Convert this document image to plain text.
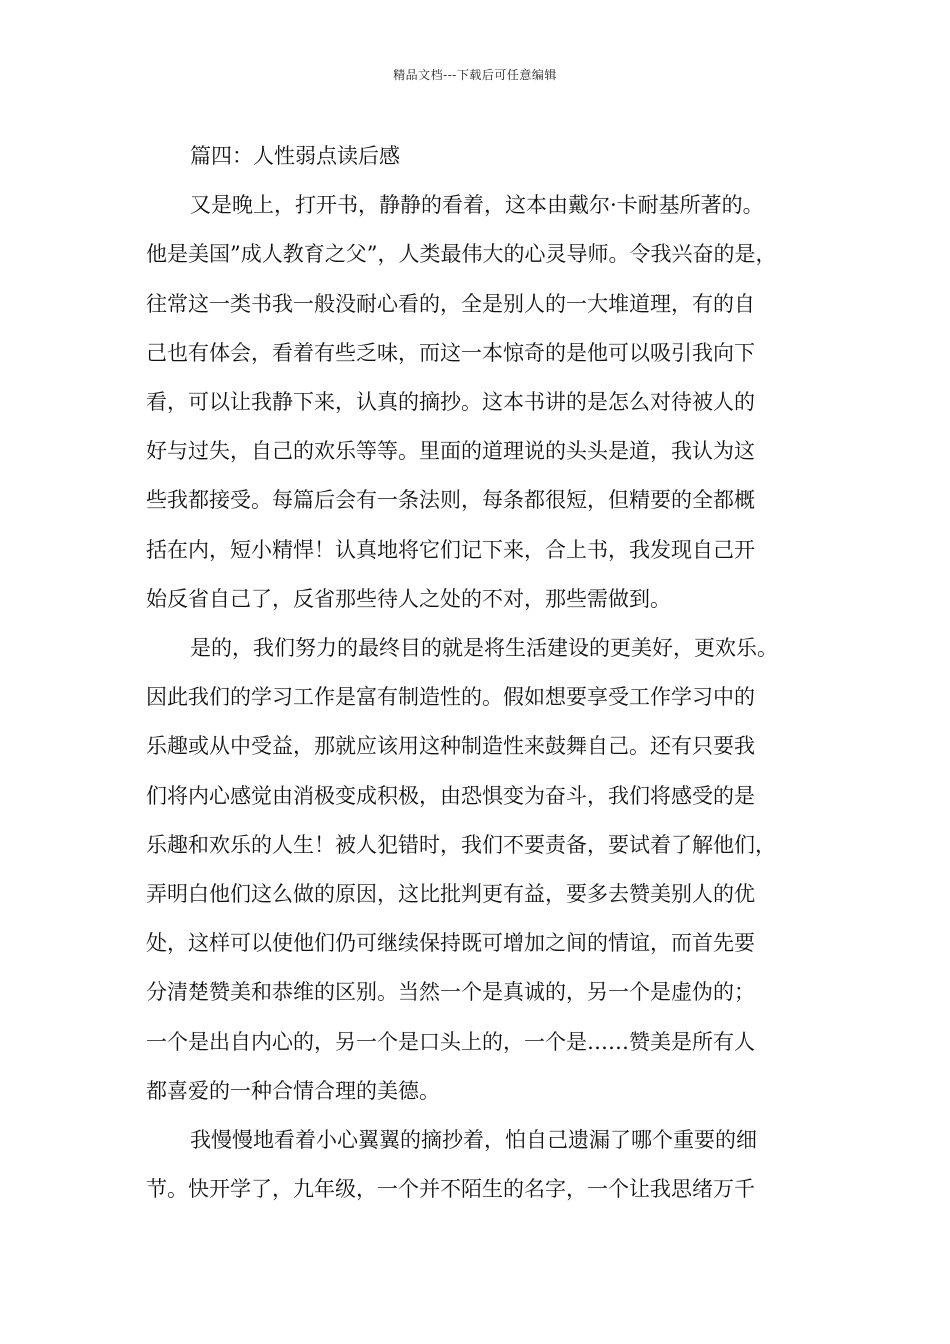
精品文档---下载后可任意编辑
篇四：人性弱点读后感
又是晚上，打开书，静静的看着，这本由戴尔·卡耐基所著的。
他是美国”成人教育之父”，人类最伟大的心灵导师。令我兴奋的是，
往常这一类书我一般没耐心看的，全是别人的一大堆道理，有的自
己也有体会，看着有些乏味，而这一本惊奇的是他可以吸引我向下
看，可以让我静下来，认真的摘抄。这本书讲的是怎么对待被人的
好与过失，自己的欢乐等等。里面的道理说的头头是道，我认为这
些我都接受。每篇后会有一条法则，每条都很短，但精要的全都概
括在内，短小精悍！认真地将它们记下来，合上书，我发现自己开
始反省自己了，反省那些待人之处的不对，那些需做到。
是的，我们努力的最终目的就是将生活建设的更美好，更欢乐。
因此我们的学习工作是富有制造性的。假如想要享受工作学习中的
乐趣或从中受益，那就应该用这种制造性来鼓舞自己。还有只要我
们将内心感觉由消极变成积极，由恐惧变为奋斗，我们将感受的是
乐趣和欢乐的人生！被人犯错时，我们不要责备，要试着了解他们，
弄明白他们这么做的原因，这比批判更有益，要多去赞美别人的优
处，这样可以使他们仍可继续保持既可增加之间的情谊，而首先要
分清楚赞美和恭维的区别。当然一个是真诚的，另一个是虚伪的；
一个是出自内心的，另一个是口头上的，一个是……赞美是所有人
都喜爱的一种合情合理的美德。
我慢慢地看着小心翼翼的摘抄着，怕自己遗漏了哪个重要的细
节。快开学了，九年级，一个并不陌生的名字，一个让我思绪万千
